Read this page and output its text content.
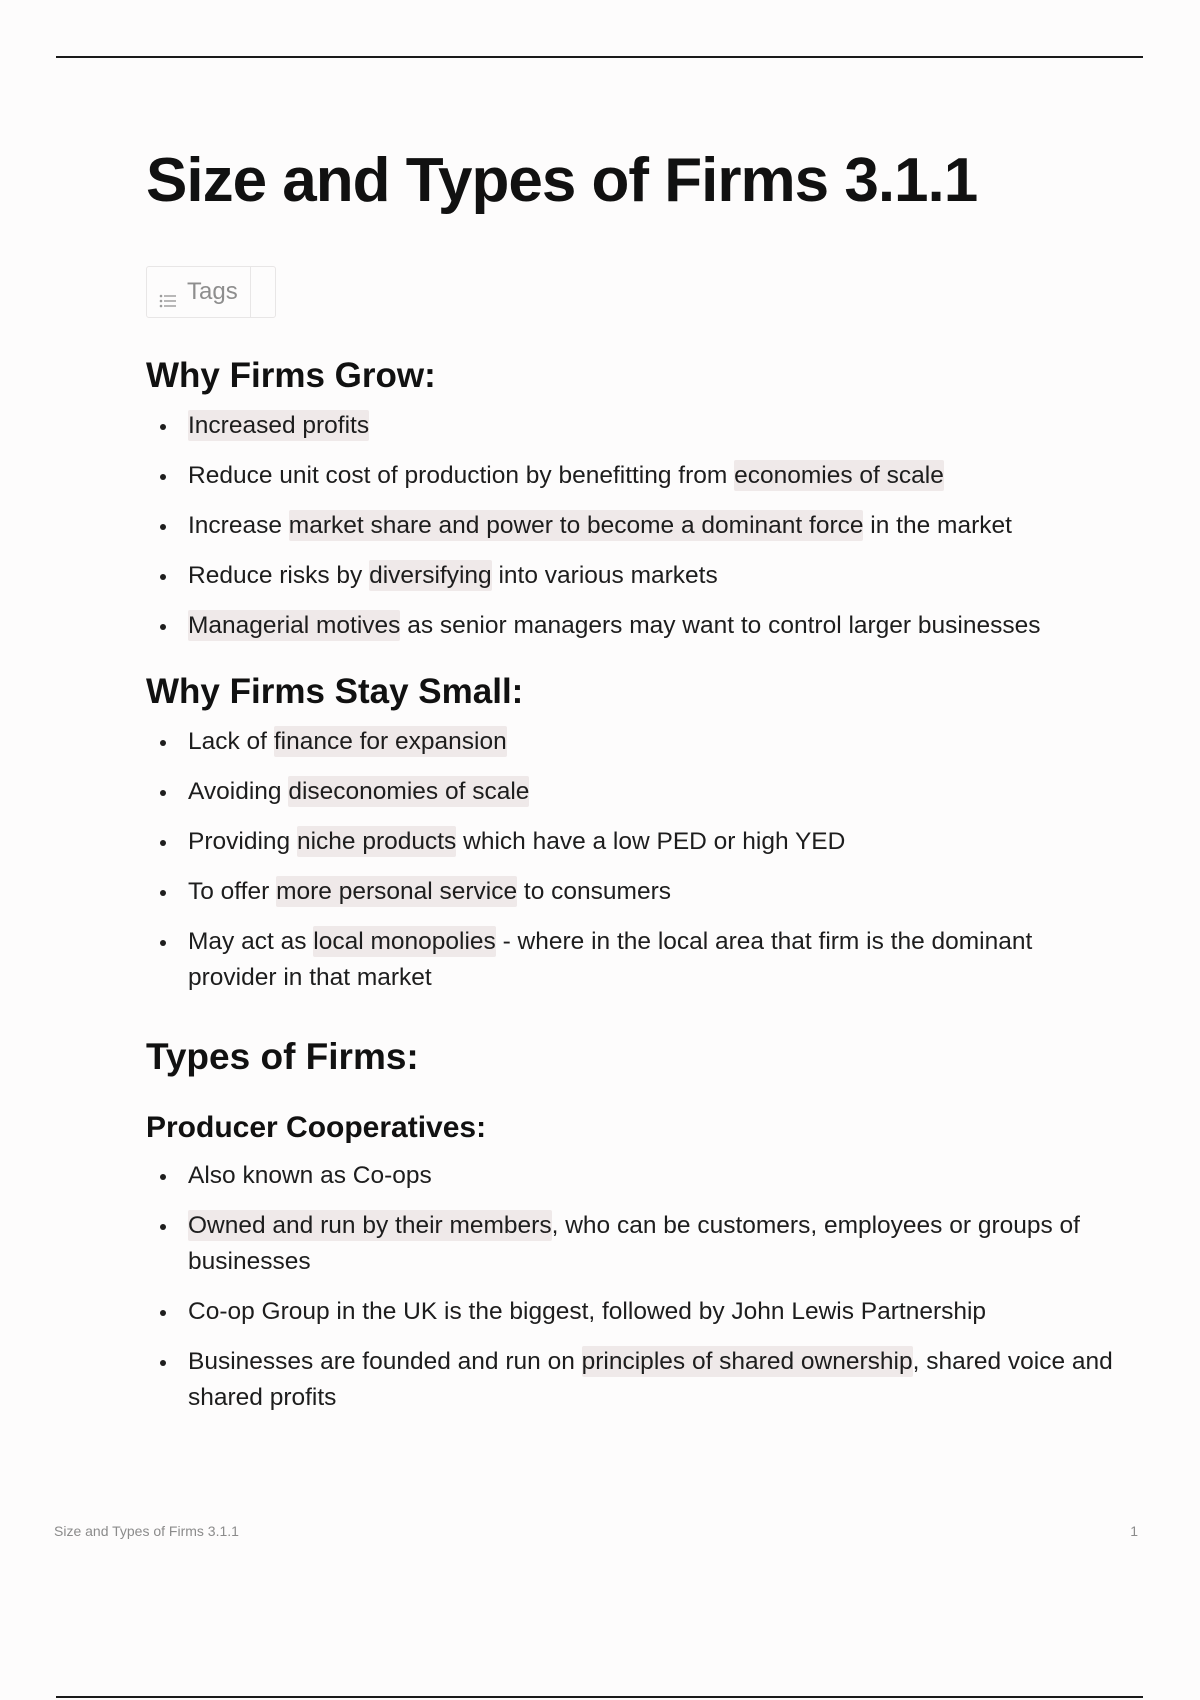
Size and Types of Firms 3.1.1
Tags
Why Firms Grow:
Increased profits
Reduce unit cost of production by benefitting from economies of scale
Increase market share and power to become a dominant force in the market
Reduce risks by diversifying into various markets
Managerial motives as senior managers may want to control larger businesses
Why Firms Stay Small:
Lack of finance for expansion
Avoiding diseconomies of scale
Providing niche products which have a low PED or high YED
To offer more personal service to consumers
May act as local monopolies - where in the local area that firm is the dominant provider in that market
Types of Firms:
Producer Cooperatives:
Also known as Co-ops
Owned and run by their members, who can be customers, employees or groups of businesses
Co-op Group in the UK is the biggest, followed by John Lewis Partnership
Businesses are founded and run on principles of shared ownership, shared voice and shared profits
Size and Types of Firms 3.1.1	1
